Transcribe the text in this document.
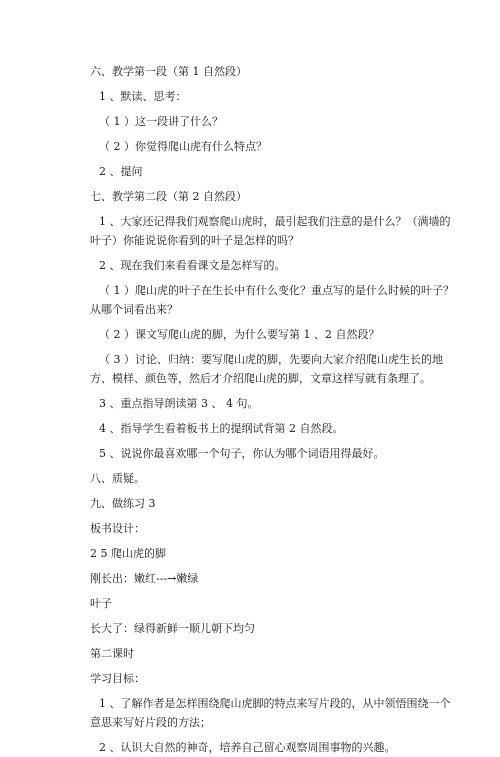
六、教学第一段（第 1 自然段）
1 、默读、思考：
（ 1 ）这一段讲了什么？
（ 2 ）你觉得爬山虎有什么特点？
2 、提问
七、教学第二段（第 2 自然段）
1 、大家还记得我们观察爬山虎时，最引起我们注意的是什么？（满墙的
叶子）你能说说你看到的叶子是怎样的吗？
2 、现在我们来看看课文是怎样写的。
（ 1 ）爬山虎的叶子在生长中有什么变化？重点写的是什么时候的叶子？
从哪个词看出来？
（ 2 ）课文写爬山虎的脚，为什么要写第 1 、2 自然段？
（ 3 ）讨论、归纳：要写爬山虎的脚，先要向大家介绍爬山虎生长的地
方、模样、颜色等，然后才介绍爬山虎的脚，文章这样写就有条理了。
3 、重点指导朗读第 3 、 4 句。
4 、指导学生看着板书上的提纲试背第 2 自然段。
5 、说说你最喜欢哪一个句子，你认为哪个词语用得最好。
八、质疑。
九、做练习 3
板书设计：
2 5 爬山虎的脚
刚长出：嫩红---→嫩绿
叶子
长大了：绿得新鲜一顺儿朝下均匀
第二课时
学习目标：
1 、了解作者是怎样围绕爬山虎脚的特点来写片段的，从中领悟围绕一个
意思来写好片段的方法；
2 、认识大自然的神奇，培养自己留心观察周围事物的兴趣。
